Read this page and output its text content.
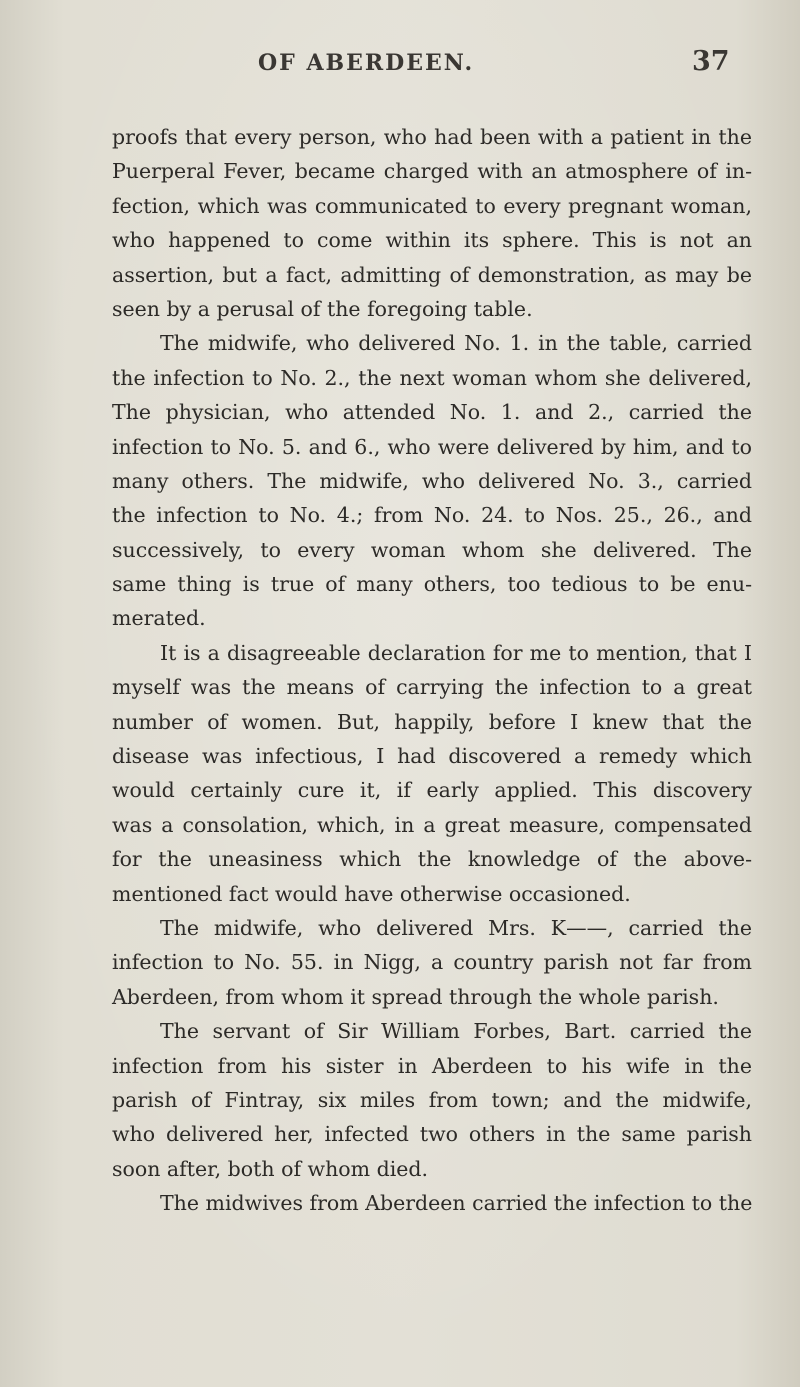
OF ABERDEEN.	37
proofs that every person, who had been with a patient in the
Puerperal Fever, became charged with an atmosphere of in-
fection, which was communicated to every pregnant woman,
who happened to come within its sphere. This is not an
assertion, but a fact, admitting of demonstration, as may be
seen by a perusal of the foregoing table.
The midwife, who delivered No. 1. in the table, carried
the infection to No. 2., the next woman whom she delivered,
The physician, who attended No. 1. and 2., carried the
infection to No. 5. and 6., who were delivered by him, and to
many others. The midwife, who delivered No. 3., carried
the infection to No. 4.; from No. 24. to Nos. 25., 26., and
successively, to every woman whom she delivered. The
same thing is true of many others, too tedious to be enu-
merated.
It is a disagreeable declaration for me to mention, that I
myself was the means of carrying the infection to a great
number of women. But, happily, before I knew that the
disease was infectious, I had discovered a remedy which
would certainly cure it, if early applied. This discovery
was a consolation, which, in a great measure, compensated
for the uneasiness which the knowledge of the above-
mentioned fact would have otherwise occasioned.
The midwife, who delivered Mrs. K——, carried the
infection to No. 55. in Nigg, a country parish not far from
Aberdeen, from whom it spread through the whole parish.
The servant of Sir William Forbes, Bart. carried the
infection from his sister in Aberdeen to his wife in the
parish of Fintray, six miles from town; and the midwife,
who delivered her, infected two others in the same parish
soon after, both of whom died.
The midwives from Aberdeen carried the infection to the
